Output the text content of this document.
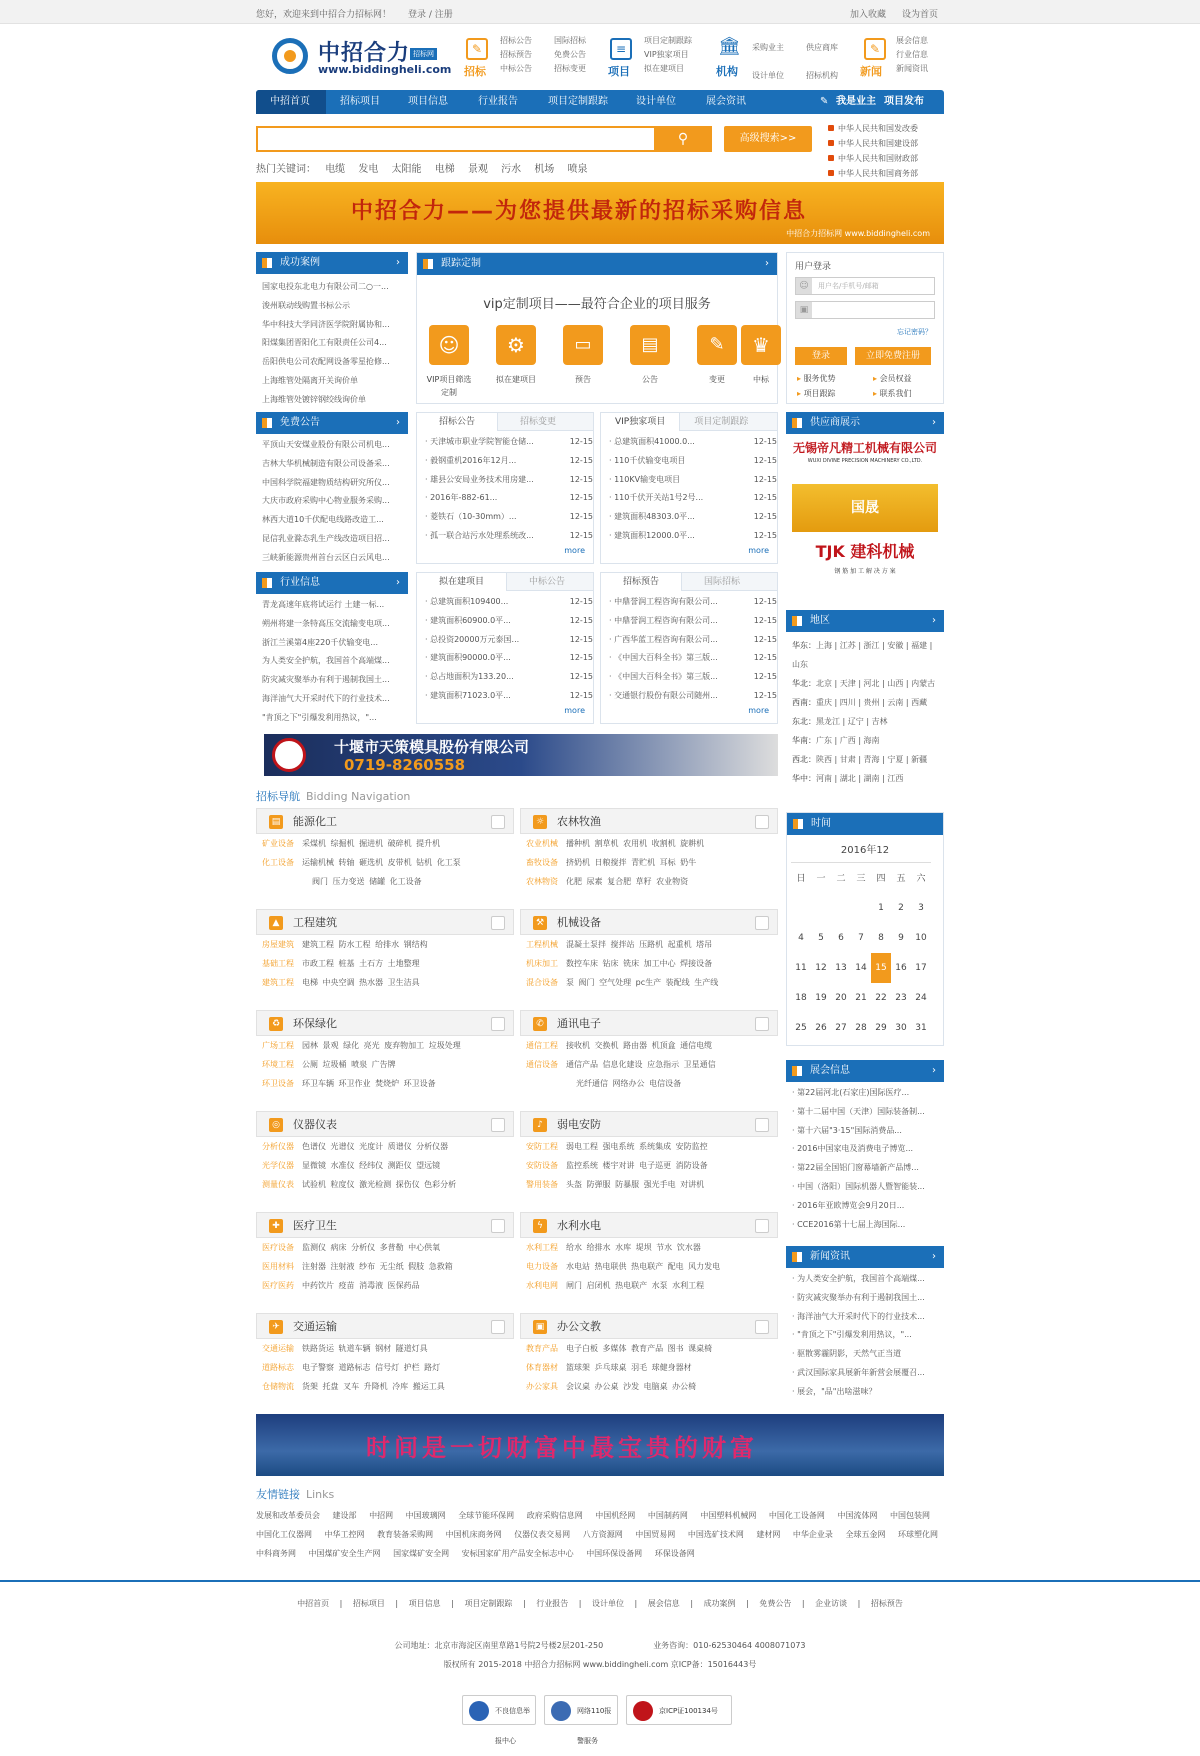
您好，欢迎来到中招合力招标网！ 登录 / 注册	加入收藏 设为首页
中招合力 招标网
www.biddingheli.com
✎
招标
招标公告
招标预告
中标公告
国际招标
免费公告
招标变更
≡
项目
项目定制跟踪
VIP独家项目
拟在建项目
🏛
机构
采购业主
设计单位
供应商库
招标机构
✎
新闻
展会信息
行业信息
新闻资讯
中招首页	招标项目	项目信息	行业报告	项目定制跟踪	设计单位	展会资讯	✎ 我是业主 项目发布
⚲	高级搜索>>
中华人民共和国发改委
中华人民共和国建设部
中华人民共和国财政部
中华人民共和国商务部
热门关键词： 电缆 发电 太阳能 电梯 景观 污水 机场 喷泉
中招合力——为您提供最新的招标采购信息
中招合力招标网 www.biddingheli.com
成功案例	›
国家电投东北电力有限公司二○一...
浚州联动线购置书标公示
华中科技大学同济医学院附属协和...
阳煤集团晋阳化工有限责任公司4...
岳阳供电公司农配网设备零星抢修...
上海维管处隔离开关询价单
上海维管处镀锌钢绞线询价单
跟踪定制	›
vip定制项目——最符合企业的项目服务
☺	⚙	▭	▤	✎	♛
VIP项目筛选定制
拟在建项目	预告	公告	变更	中标
用户登录
☺	用户名/手机号/邮箱
▣
忘记密码？
登录	立即免费注册
▸ 服务优势
▸ 项目跟踪
▸ 会员权益
▸ 联系我们
免费公告	›
平顶山天安煤业股份有限公司机电...
吉林大华机械制造有限公司设备采...
中国科学院福建物质结构研究所仪...
大庆市政府采购中心物业服务采购...
林西大道10千伏配电线路改造工...
昆信乳业滁态乳生产线改造项目招...
三峡新能源贵州首台云区白云风电...
招标公告	招标变更
· 天津城市职业学院智能仓储...	12-15
· 毅钢重机2016年12月...	12-15
· 雄县公安局业务技术用房建...	12-15
· 2016年-882-61...	12-15
· 菱铁石（10-30mm）...	12-15
· 孤一联合站污水处理系统改...	12-15
more
VIP独家项目	项目定制跟踪
· 总建筑面积41000.0...	12-15
· 110千伏输变电项目	12-15
· 110KV输变电项目	12-15
· 110千伏开关站1号2号...	12-15
· 建筑面积48303.0平...	12-15
· 建筑面积12000.0平...	12-15
more
供应商展示	›
无锡帝凡精工机械有限公司
WUXI DIVINE PRECISION MACHINERY CO.,LTD.
国晟
TJK 建科机械
钢 筋 加 工 解 决 方 案
行业信息	›
青龙高速年底将试运行 土建一标...
朔州将建一条特高压交流输变电项...
浙江兰溪第4座220千伏输变电...
为人类安全护航，我国首个高端煤...
防灾减灾聚举办有利于遏制我国土...
海洋油气大开采时代下的行业技术...
"肯顶之下"引爆发利用热议，"...
拟在建项目	中标公告
· 总建筑面积109400...	12-15
· 建筑面积60900.0平...	12-15
· 总投资20000万元泰国...	12-15
· 建筑面积90000.0平...	12-15
· 总占地面积为133.20...	12-15
· 建筑面积71023.0平...	12-15
more
招标预告	国际招标
· 中鼎誉润工程咨询有限公司...	12-15
· 中鼎誉润工程咨询有限公司...	12-15
· 广西华蓝工程咨询有限公司...	12-15
· 《中国大百科全书》第三版...	12-15
· 《中国大百科全书》第三版...	12-15
· 交通银行股份有限公司随州...	12-15
more
十堰市天策模具股份有限公司
0719-8260558
地区	›
华东：上海 | 江苏 | 浙江 | 安徽 | 福建 | 山东
华北：北京 | 天津 | 河北 | 山西 | 内蒙古
西南：重庆 | 四川 | 贵州 | 云南 | 西藏
东北：黑龙江 | 辽宁 | 吉林
华南：广东 | 广西 | 海南
西北：陕西 | 甘肃 | 青海 | 宁夏 | 新疆
华中：河南 | 湖北 | 湖南 | 江西
招标导航 Bidding Navigation
▤ 能源化工
矿业设备 采煤机 综掘机 掘进机 破碎机 提升机
化工设备 运输机械 转轴 砸选机 皮带机 钻机 化工泵
阀门 压力变送 储罐 化工设备
☼ 农林牧渔
农业机械 播种机 割草机 农用机 收割机 旋耕机
畜牧设备 挤奶机 日粮搅拌 青贮机 耳标 奶牛
农林物资 化肥 尿素 复合肥 草籽 农业物资
▲	工程建筑
房屋建筑 建筑工程 防水工程 给排水 钢结构
基础工程 市政工程 桩基 土石方 土地整理
建筑工程 电梯 中央空调 热水器 卫生洁具
⚒ 机械设备
工程机械 混凝土泵拌 搅拌站 压路机 起重机 塔吊
机床加工 数控车床 钻床 铣床 加工中心 焊接设备
混合设备 泵 阀门 空气处理 pc生产 装配线 生产线
♻ 环保绿化
广场工程 园林 景观 绿化 亮光 废弃物加工 垃圾处理
环境工程 公厕 垃圾桶 喷泉 广告牌
环卫设备 环卫车辆 环卫作业 焚烧炉 环卫设备
✆ 通讯电子
通信工程 接收机 交换机 路由器 机顶盒 通信电缆
通信设备 通信产品 信息化建设 应急指示 卫星通信
光纤通信 网络办公 电信设备
◎ 仪器仪表
分析仪器 色谱仪 光谱仪 光度计 质谱仪 分析仪器
光学仪器 显微镜 水准仪 经纬仪 测距仪 望远镜
测量仪表 试验机 粒度仪 激光检测 探伤仪 色彩分析
♪	弱电安防
安防工程 弱电工程 强电系统 系统集成 安防监控
安防设备 监控系统 楼宇对讲 电子巡更 消防设备
警用装备 头盔 防弹服 防暴服 强光手电 对讲机
✚ 医疗卫生
医疗设备 监测仪 病床 分析仪 多普勒 中心供氧
医用材料 注射器 注射液 纱布 无尘纸 假肢 急救箱
医疗医药 中药饮片 疫苗 消毒液 医保药品
ϟ	水利水电
水利工程 给水 给排水 水库 堤坝 节水 饮水器
电力设备 水电站 热电联供 热电联产 配电 风力发电
水利电网 闸门 启闭机 热电联产 水泵 水利工程
✈ 交通运输
交通运输 铁路货运 轨道车辆 钢材 隧道灯具
道路标志 电子警察 道路标志 信号灯 护栏 路灯
仓储物流 货架 托盘 叉车 升降机 冷库 搬运工具
▣ 办公文教
教育产品 电子白板 多媒体 教育产品 图书 课桌椅
体育器材 篮球架 乒乓球桌 羽毛 球健身器材
办公家具 会议桌 办公桌 沙发 电脑桌 办公椅
时间
2016年12
日	一	二	三	四	五	六
				1	2	3
4	5	6	7	8	9	10
11	12	13	14	15	16	17
18	19	20	21	22	23	24
25	26	27	28	29	30	31
展会信息	›
· 第22届河北(石家庄)国际医疗...
· 第十二届中国（天津）国际装备制...
· 第十六届"3·15"国际消费品...
· 2016中国家电及消费电子博览...
· 第22届全国铝门窗幕墙新产品博...
· 中国（洛阳）国际机器人暨智能装...
· 2016年亚欧博览会9月20日...
· CCE2016第十七届上海国际...
新闻资讯	›
· 为人类安全护航，我国首个高端煤...
· 防灾减灾聚举办有利于遏制我国土...
· 海洋油气大开采时代下的行业技术...
· "肯顶之下"引爆发利用热议，"...
· 驱散雾霾阴影，天然气正当道
· 武汉国际家具展新年新营会展覆召...
· 展会，"品"出啥滋味？
时间是一切财富中最宝贵的财富
友情链接 Links
发展和改革委员会 建设部 中招网 中国玻璃网 全球节能环保网 政府采购信息网 中国机经网 中国制药网 中国塑料机械网 中国化工设备网 中国流体网 中国包装网 中国化工仪器网 中华工控网 教育装备采购网 中国机床商务网 仪器仪表交易网 八方资源网 中国贸易网 中国选矿技术网 建材网 中华企业录 全球五金网 环球塑化网 中科商务网 中国煤矿安全生产网 国家煤矿安全网 安标国家矿用产品安全标志中心 中国环保设备网 环保设备网
中招首页 | 招标项目 | 项目信息 | 项目定制跟踪 | 行业报告 | 设计单位 | 展会信息 | 成功案例 | 免费公告 | 企业访谈 | 招标预告
公司地址：北京市海淀区南里草路1号院2号楼2层201-250	业务咨询：010-62530464 4008071073
版权所有 2015-2018 中招合力招标网 www.biddingheli.com 京ICP备：15016443号
不良信息举报中心
网络110报警服务
京ICP证100134号
